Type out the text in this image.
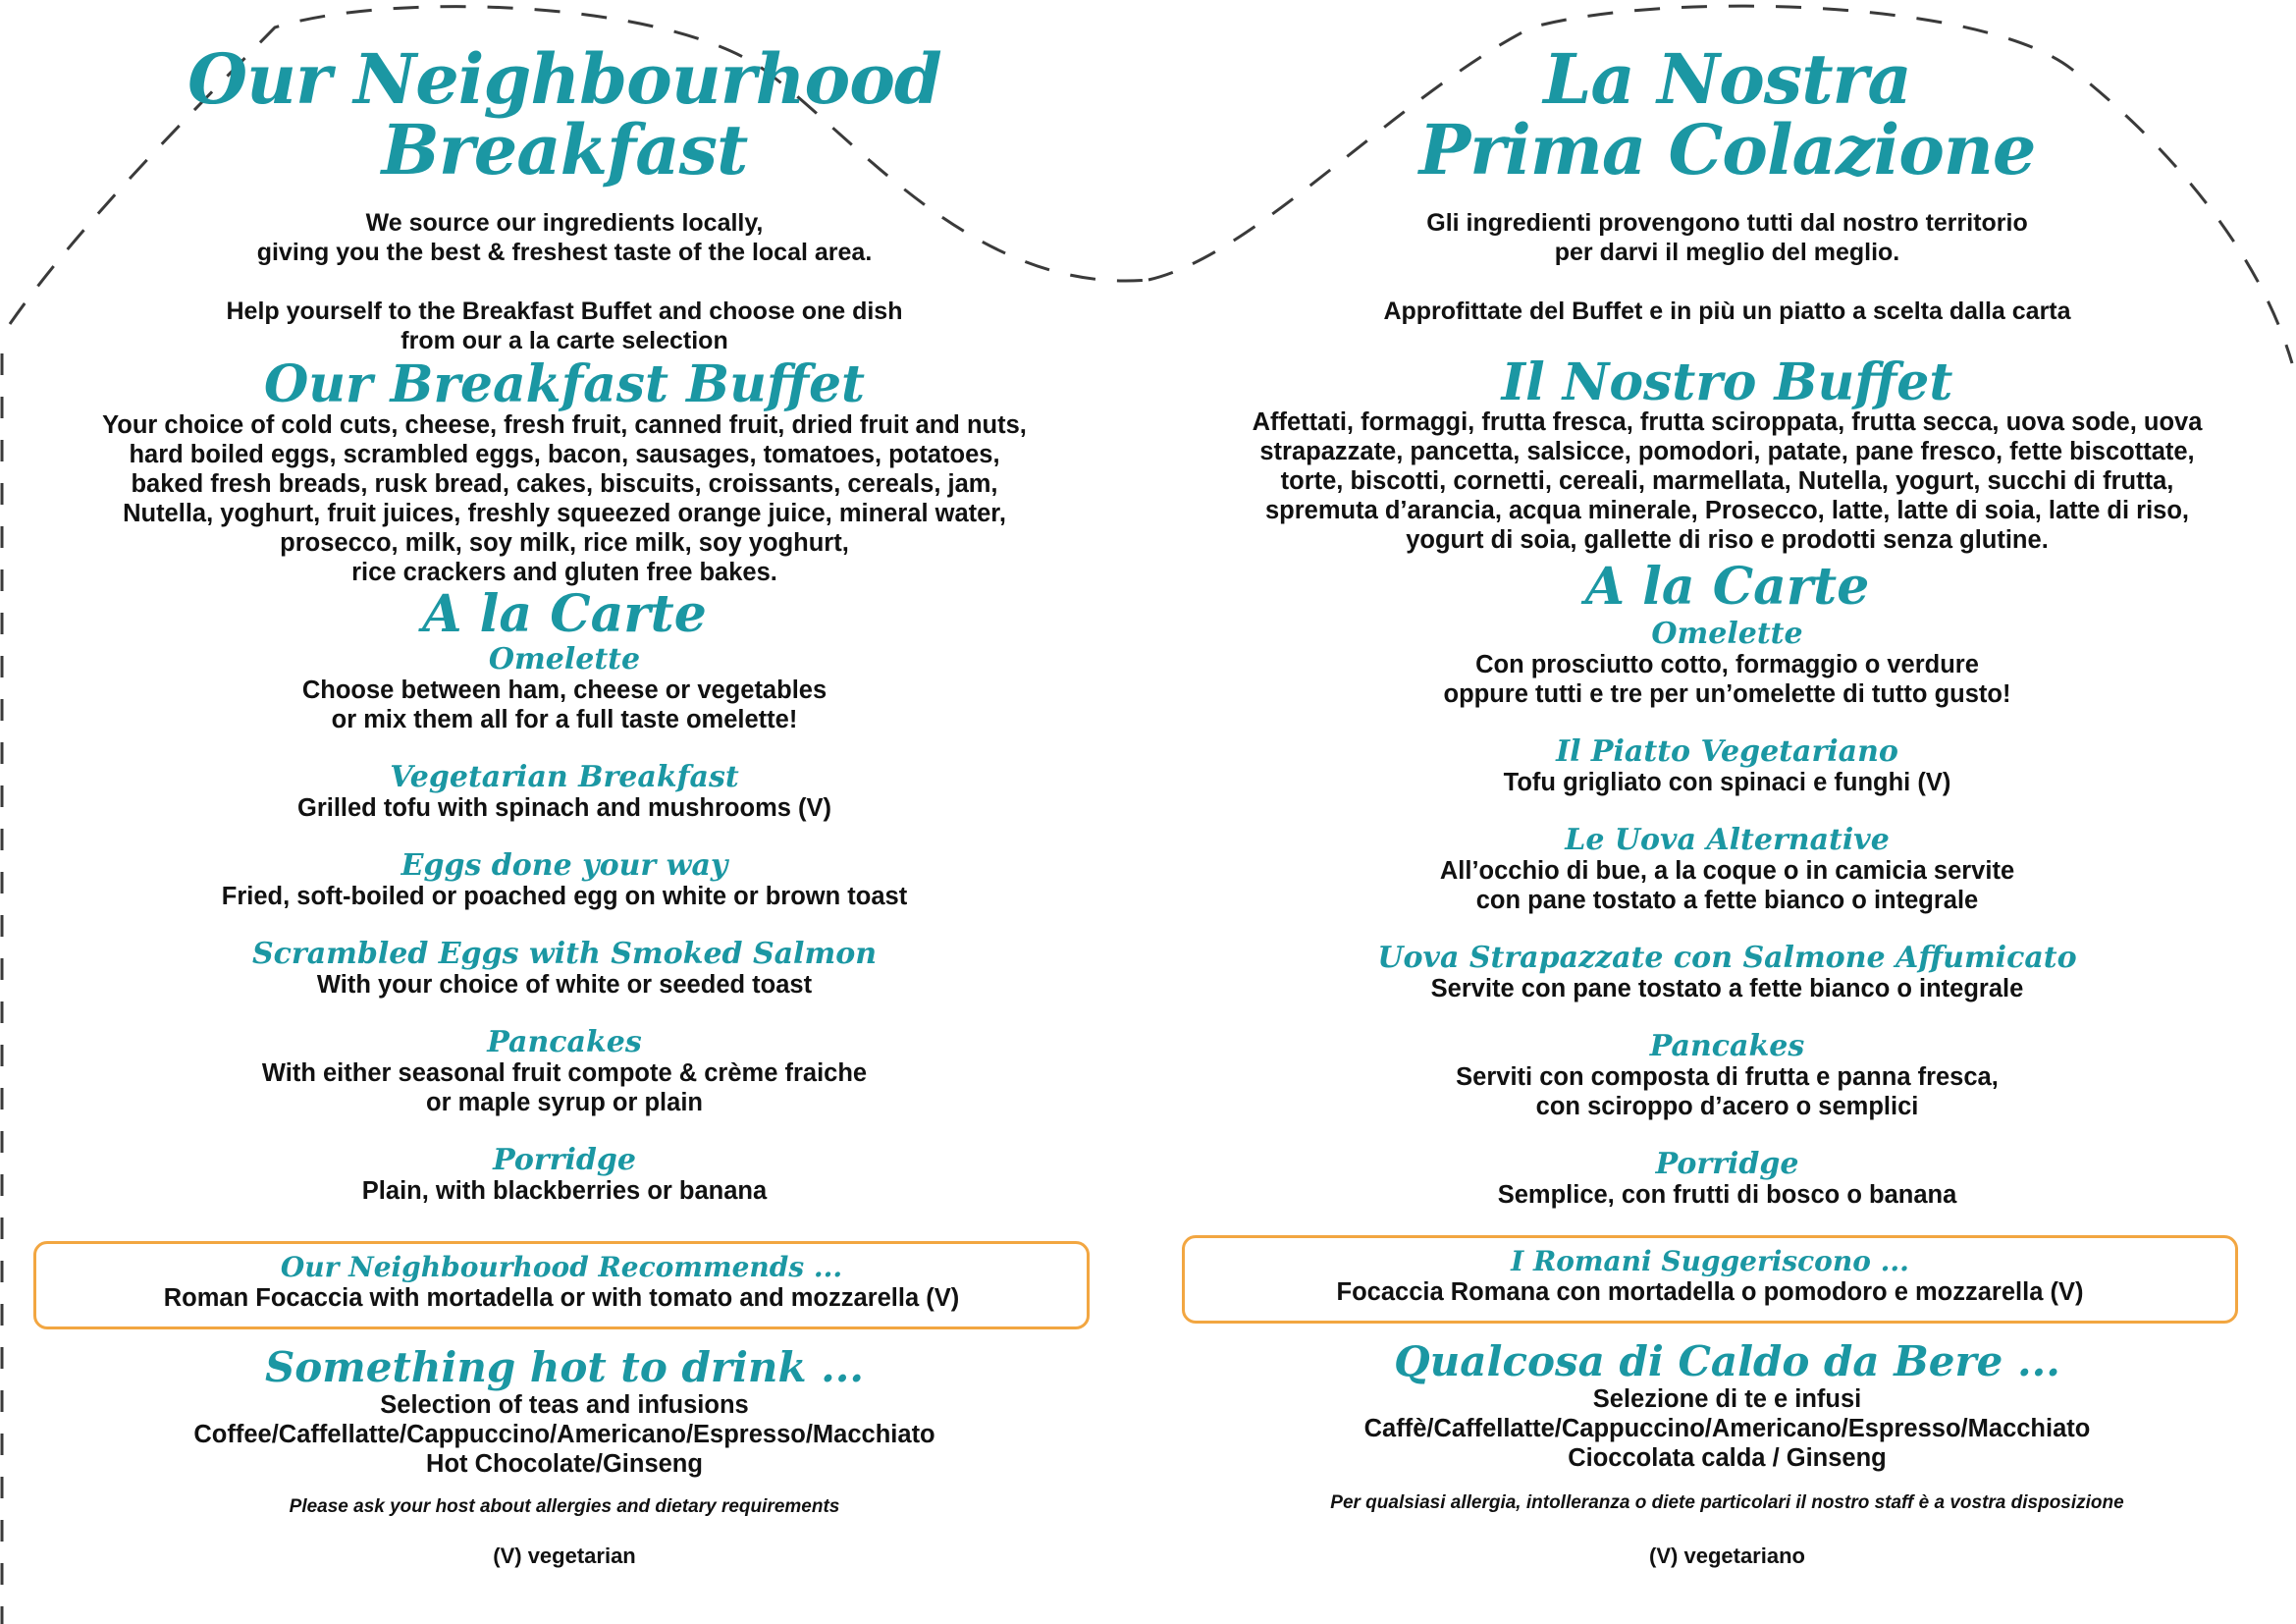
Our Neighbourhood
Breakfast
We source our ingredients locally,
giving you the best & freshest taste of the local area.
Help yourself to the Breakfast Buffet and choose one dish
from our a la carte selection
Our Breakfast Buffet
Your choice of cold cuts, cheese, fresh fruit, canned fruit, dried fruit and nuts,
hard boiled eggs, scrambled eggs, bacon, sausages, tomatoes, potatoes,
baked fresh breads, rusk bread, cakes, biscuits, croissants, cereals, jam,
Nutella, yoghurt, fruit juices, freshly squeezed orange juice, mineral water,
prosecco, milk, soy milk, rice milk, soy yoghurt,
rice crackers and gluten free bakes.
A la Carte
Omelette
Choose between ham, cheese or vegetables
or mix them all for a full taste omelette!
Vegetarian Breakfast
Grilled tofu with spinach and mushrooms (V)
Eggs done your way
Fried, soft-boiled or poached egg on white or brown toast
Scrambled Eggs with Smoked Salmon
With your choice of white or seeded toast
Pancakes
With either seasonal fruit compote & crème fraiche
or maple syrup or plain
Porridge
Plain, with blackberries or banana
Our Neighbourhood Recommends ...
Roman Focaccia with mortadella or with tomato and mozzarella (V)
Something hot to drink ...
Selection of teas and infusions
Coffee/Caffellatte/Cappuccino/Americano/Espresso/Macchiato
Hot Chocolate/Ginseng
Please ask your host about allergies and dietary requirements
(V) vegetarian
La Nostra
Prima Colazione
Gli ingredienti provengono tutti dal nostro territorio
per darvi il meglio del meglio.
Approfittate del Buffet e in più un piatto a scelta dalla carta
Il Nostro Buffet
Affettati, formaggi, frutta fresca, frutta sciroppata, frutta secca, uova sode, uova
strapazzate, pancetta, salsicce, pomodori, patate, pane fresco, fette biscottate,
torte, biscotti, cornetti, cereali, marmellata, Nutella, yogurt, succhi di frutta,
spremuta d’arancia, acqua minerale, Prosecco, latte, latte di soia, latte di riso,
yogurt di soia, gallette di riso e prodotti senza glutine.
A la Carte
Omelette
Con prosciutto cotto, formaggio o verdure
oppure tutti e tre per un’omelette di tutto gusto!
Il Piatto Vegetariano
Tofu grigliato con spinaci e funghi (V)
Le Uova Alternative
All’occhio di bue, a la coque o in camicia servite
con pane tostato a fette bianco o integrale
Uova Strapazzate con Salmone Affumicato
Servite con pane tostato a fette bianco o integrale
Pancakes
Serviti con composta di frutta e panna fresca,
con sciroppo d’acero o semplici
Porridge
Semplice, con frutti di bosco o banana
I Romani Suggeriscono ...
Focaccia Romana con mortadella o pomodoro e mozzarella (V)
Qualcosa di Caldo da Bere ...
Selezione di te e infusi
Caffè/Caffellatte/Cappuccino/Americano/Espresso/Macchiato
Cioccolata calda / Ginseng
Per qualsiasi allergia, intolleranza o diete particolari il nostro staff è a vostra disposizione
(V) vegetariano
